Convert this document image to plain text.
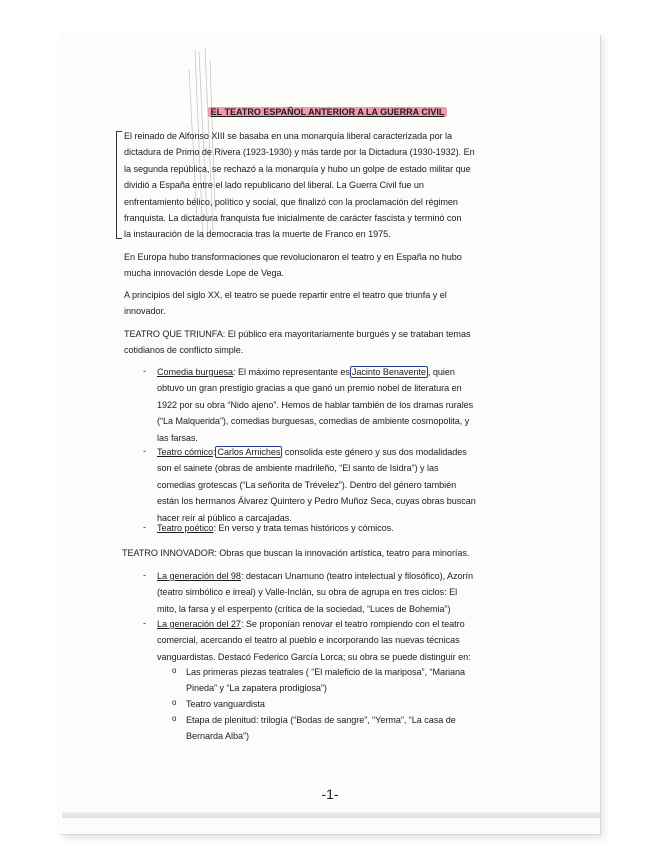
EL TEATRO ESPAÑOL ANTERIOR A LA GUERRA CIVIL
El reinado de Alfonso XIII se basaba en una monarquía liberal caracterizada por la
dictadura de Primo de Rivera (1923-1930) y más tarde por la Dictadura (1930-1932). En
la segunda república, se rechazó a la monarquía y hubo un golpe de estado militar que
dividió a España entre el lado republicano del liberal. La Guerra Civil fue un
enfrentamiento bélico, político y social, que finalizó con la proclamación del régimen
franquista. La dictadura franquista fue inicialmente de carácter fascista y terminó con
la instauración de la democracia tras la muerte de Franco en 1975.
En Europa hubo transformaciones que revolucionaron el teatro y en España no hubo
mucha innovación desde Lope de Vega.
A principios del siglo XX, el teatro se puede repartir entre el teatro que triunfa y el
innovador.
TEATRO QUE TRIUNFA: El público era mayoritariamente burgués y se trataban temas
cotidianos de conflicto simple.
- Comedia burguesa: El máximo representante es Jacinto Benavente , quien
obtuvo un gran prestigio gracias a que ganó un premio nobel de literatura en
1922 por su obra “Nido ajeno”. Hemos de hablar también de los dramas rurales
(“La Malquerida”), comedias burguesas, comedias de ambiente cosmopolita, y
las farsas.
- Teatro cómico: Carlos Arniches consolida este género y sus dos modalidades
son el sainete (obras de ambiente madrileño, “El santo de Isidra”) y las
comedias grotescas (“La señorita de Trévelez”). Dentro del género también
están los hermanos Álvarez Quintero y Pedro Muñoz Seca, cuyas obras buscan
hacer reír al público a carcajadas.
- Teatro poético: En verso y trata temas históricos y cómicos.
TEATRO INNOVADOR: Obras que buscan la innovación artística, teatro para minorías.
- La generación del 98: destacan Unamuno (teatro intelectual y filosófico), Azorín
(teatro simbólico e irreal) y Valle-Inclán, su obra de agrupa en tres ciclos: El
mito, la farsa y el esperpento (crítica de la sociedad, “Luces de Bohemia”)
- La generación del 27: Se proponían renovar el teatro rompiendo con el teatro
comercial, acercando el teatro al pueblo e incorporando las nuevas técnicas
vanguardistas. Destacó Federico García Lorca; su obra se puede distinguir en:
o Las primeras piezas teatrales ( “El maleficio de la mariposa”, “Mariana
Pineda” y “La zapatera prodigiosa”)
o Teatro vanguardista
o Etapa de plenitud: trilogía (“Bodas de sangre”, “Yerma”, “La casa de
Bernarda Alba”)
-1-
